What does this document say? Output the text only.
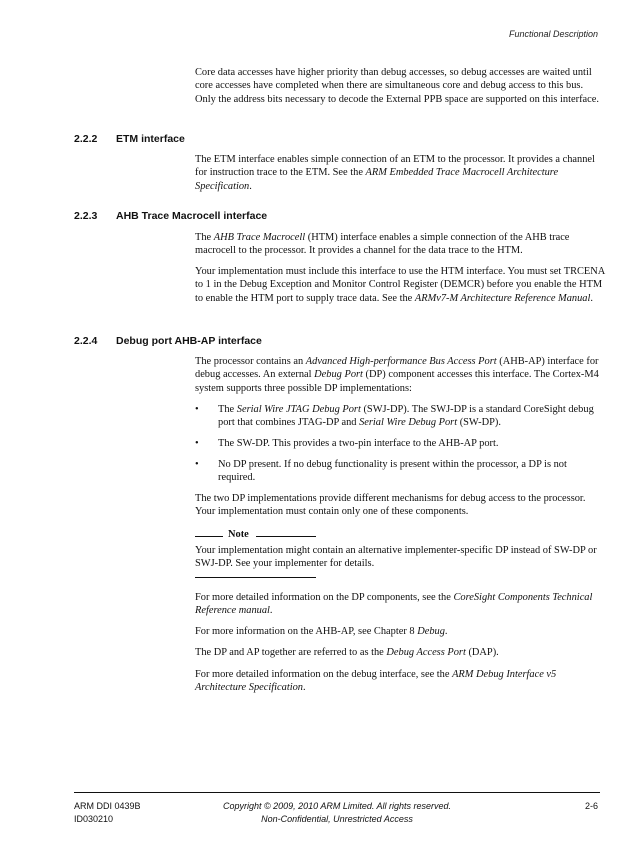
Functional Description

Core data accesses have higher priority than debug accesses, so debug accesses are waited until core accesses have completed when there are simultaneous core and debug access to this bus. Only the address bits necessary to decode the External PPB space are supported on this interface.

2.2.2 ETM interface

The ETM interface enables simple connection of an ETM to the processor. It provides a channel for instruction trace to the ETM. See the ARM Embedded Trace Macrocell Architecture Specification.

2.2.3 AHB Trace Macrocell interface

The AHB Trace Macrocell (HTM) interface enables a simple connection of the AHB trace macrocell to the processor. It provides a channel for the data trace to the HTM.

Your implementation must include this interface to use the HTM interface. You must set TRCENA to 1 in the Debug Exception and Monitor Control Register (DEMCR) before you enable the HTM to enable the HTM port to supply trace data. See the ARMv7-M Architecture Reference Manual.

2.2.4 Debug port AHB-AP interface

The processor contains an Advanced High-performance Bus Access Port (AHB-AP) interface for debug accesses. An external Debug Port (DP) component accesses this interface. The Cortex-M4 system supports three possible DP implementations:

• The Serial Wire JTAG Debug Port (SWJ-DP). The SWJ-DP is a standard CoreSight debug port that combines JTAG-DP and Serial Wire Debug Port (SW-DP).

• The SW-DP. This provides a two-pin interface to the AHB-AP port.

• No DP present. If no debug functionality is present within the processor, a DP is not required.

The two DP implementations provide different mechanisms for debug access to the processor. Your implementation must contain only one of these components.

Note

Your implementation might contain an alternative implementer-specific DP instead of SW-DP or SWJ-DP. See your implementer for details.

For more detailed information on the DP components, see the CoreSight Components Technical Reference manual.

For more information on the AHB-AP, see Chapter 8 Debug.

The DP and AP together are referred to as the Debug Access Port (DAP).

For more detailed information on the debug interface, see the ARM Debug Interface v5 Architecture Specification.

ARM DDI 0439B
ID030210
Copyright © 2009, 2010 ARM Limited. All rights reserved.
Non-Confidential, Unrestricted Access
2-6
